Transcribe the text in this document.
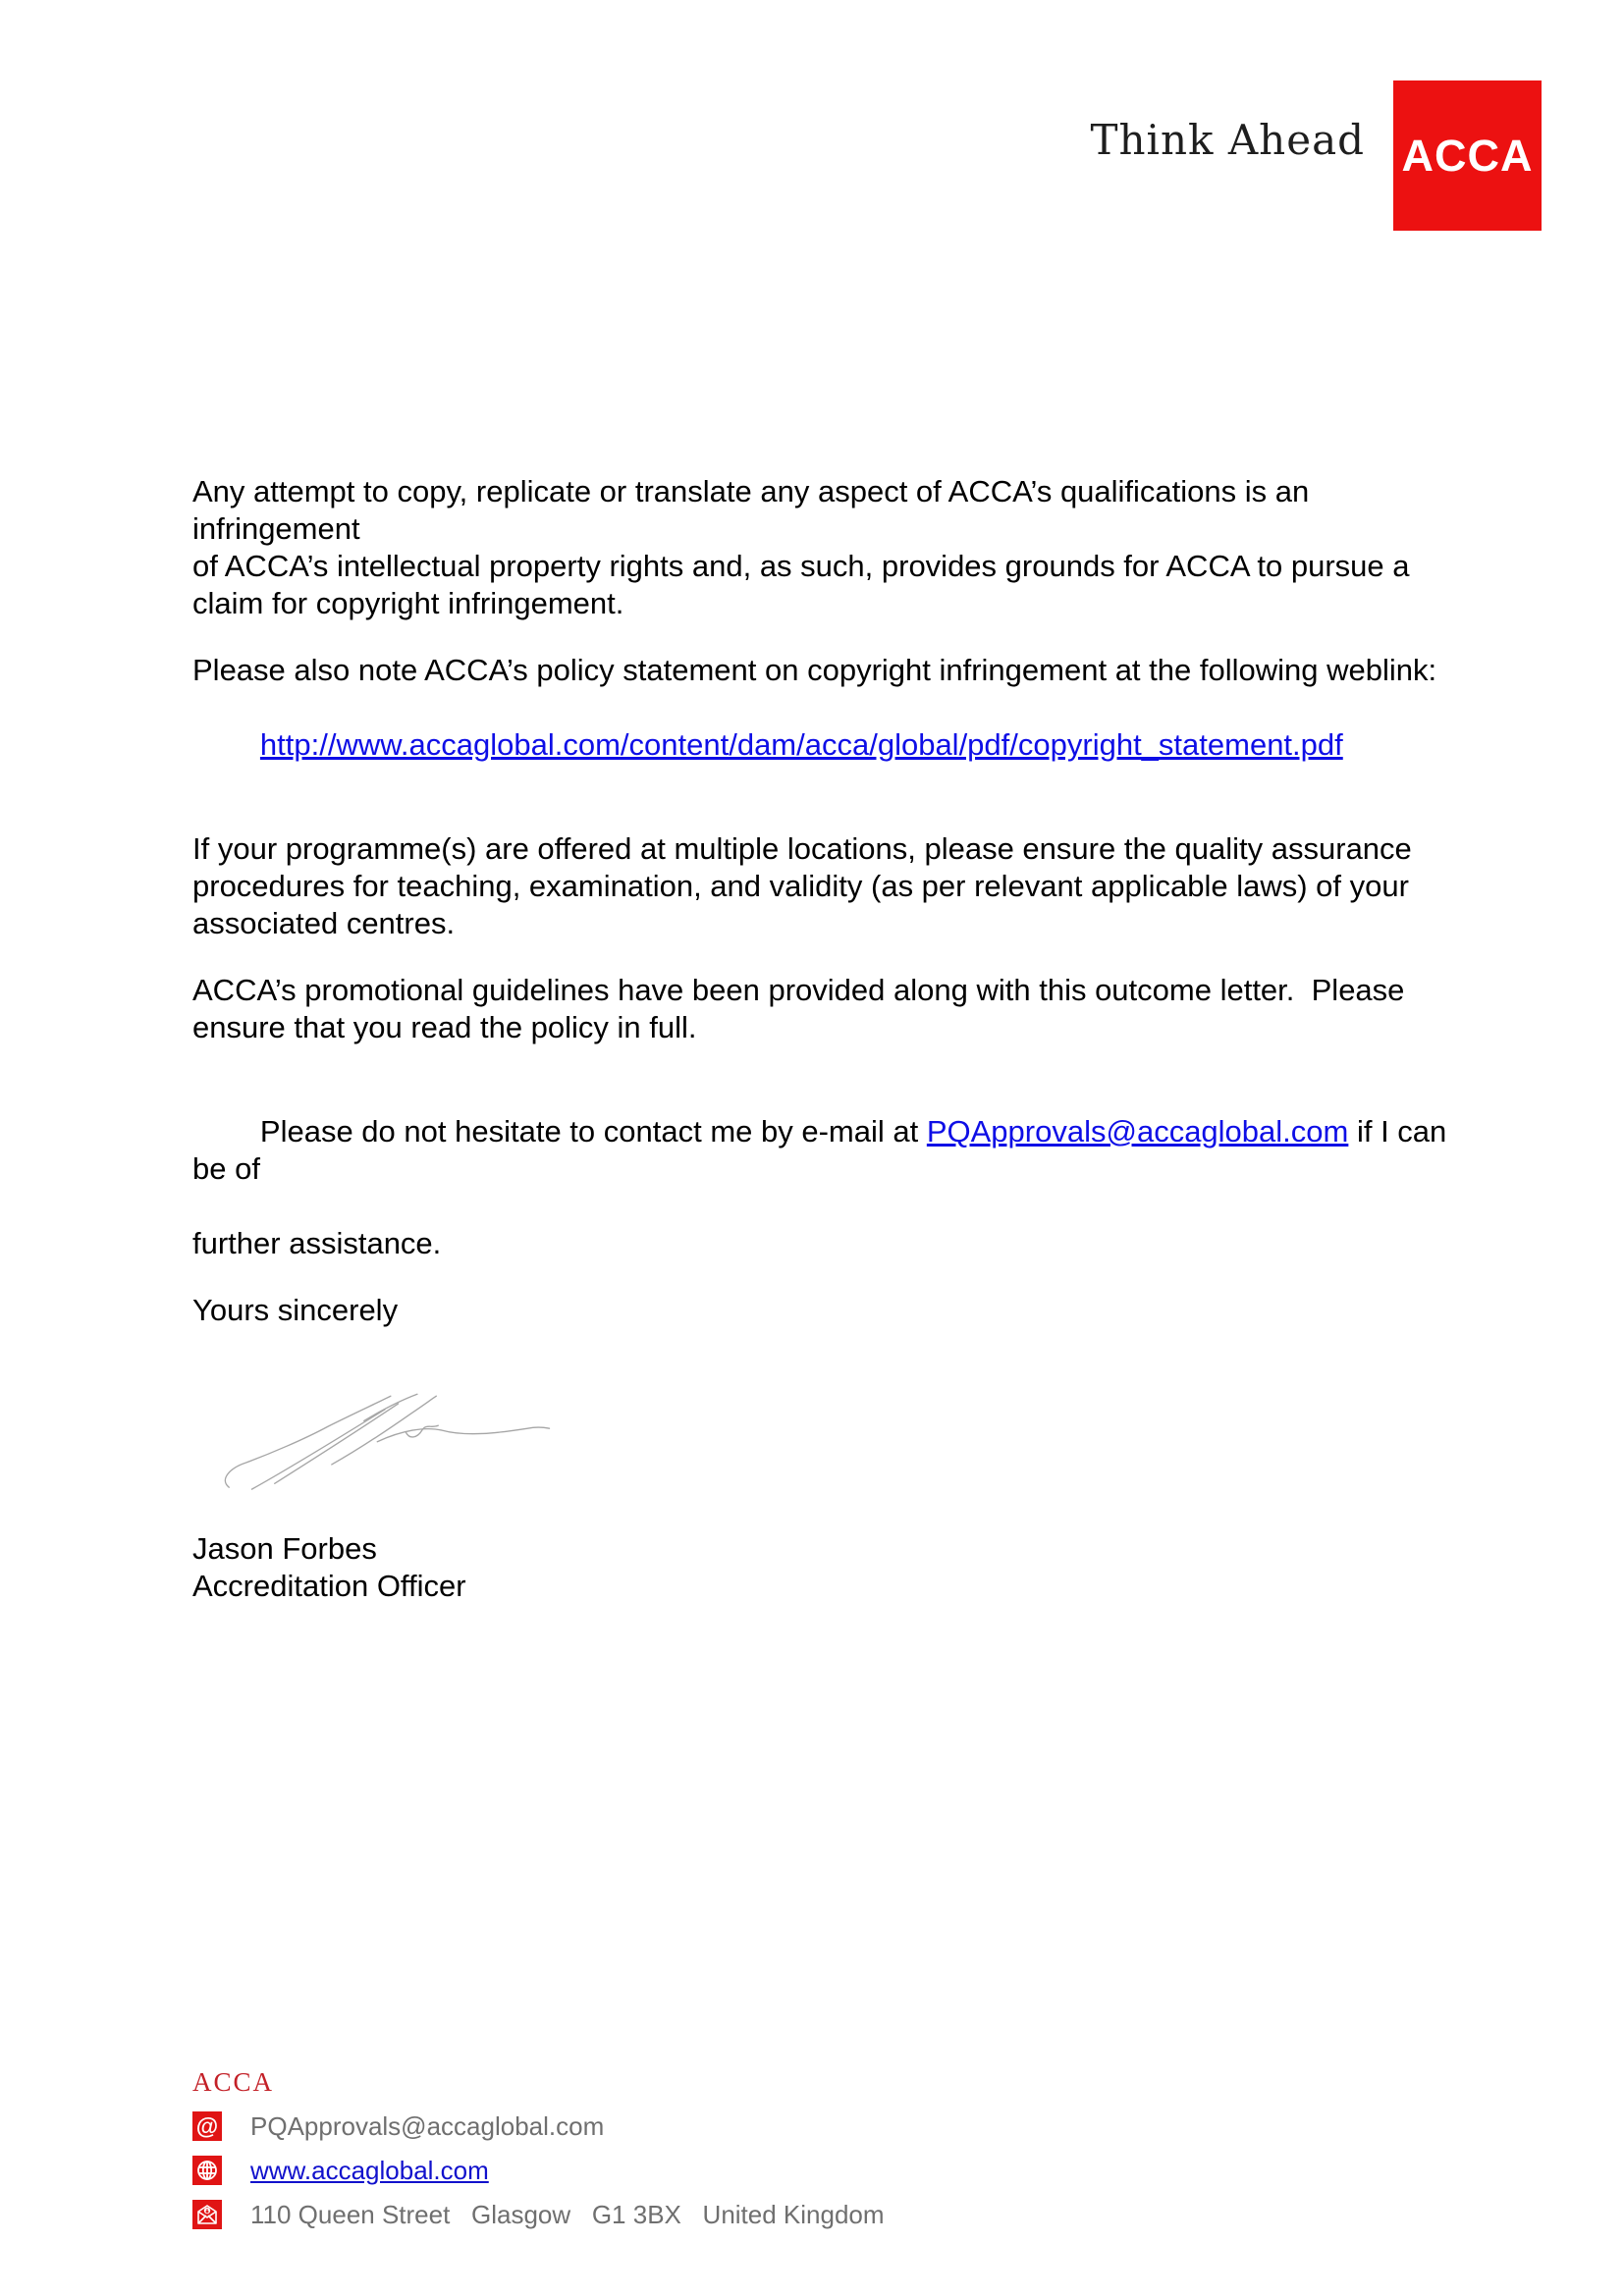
Think Ahead ACCA
Any attempt to copy, replicate or translate any aspect of ACCA’s qualifications is an infringement
of ACCA’s intellectual property rights and, as such, provides grounds for ACCA to pursue a
claim for copyright infringement.
Please also note ACCA’s policy statement on copyright infringement at the following weblink:

http://www.accaglobal.com/content/dam/acca/global/pdf/copyright_statement.pdf

If your programme(s) are offered at multiple locations, please ensure the quality assurance
procedures for teaching, examination, and validity (as per relevant applicable laws) of your
associated centres.
ACCA’s promotional guidelines have been provided along with this outcome letter.  Please
ensure that you read the policy in full.

Please do not hesitate to contact me by e-mail at PQApprovals@accaglobal.com if I can be of

further assistance.
Yours sincerely
Jason Forbes
Accreditation Officer
ACCA
@ PQApprovals@accaglobal.com
www.accaglobal.com
110 Queen Street   Glasgow   G1 3BX   United Kingdom
